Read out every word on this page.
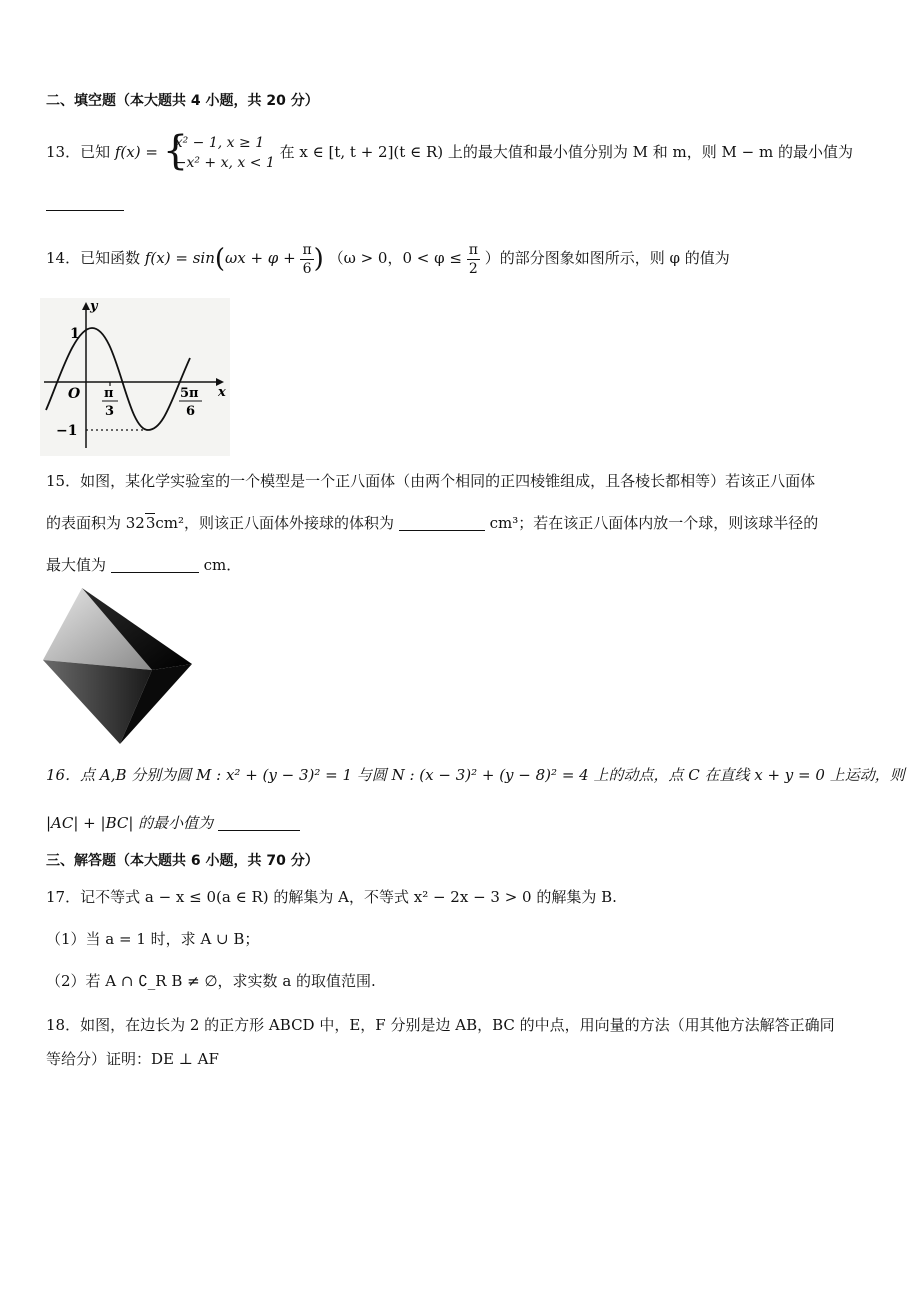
二、填空题（本大题共 4 小题，共 20 分）
13．已知 f(x) = {
x² − 1, x ≥ 1
−x² + x, x < 1
在 x ∈ [t, t + 2](t ∈ R) 上的最大值和最小值分别为 M 和 m，则 M − m 的最小值为
14．已知函数 $f(x) = \sin(\omega x + \varphi + \frac{\pi}{6}$ ) （ω > 0，$0 < \varphi \le \frac{\pi}{2}$ ）的部分图象如图所示，则 φ 的值为
y
x
O
1
−1
π
3
5π
6
15．如图，某化学实验室的一个模型是一个正八面体（由两个相同的正四棱锥组成，且各棱长都相等）若该正八面体
的表面积为 323cm²，则该正八面体外接球的体积为	cm³；若在该正八面体内放一个球，则该球半径的
最大值为	cm．
16．点 A,B 分别为圆 M : x² + (y − 3)² = 1 与圆 N : (x − 3)² + (y − 8)² = 4 上的动点，点 C 在直线 x + y = 0 上运动，则
|AC| + |BC| 的最小值为
三、解答题（本大题共 6 小题，共 70 分）
17．记不等式 a − x ≤ 0(a ∈ R) 的解集为 A，不等式 x² − 2x − 3 > 0 的解集为 B.
（1）当 a = 1 时，求 A ∪ B；
（2）若 A ∩ ∁_R B ≠ ∅，求实数 a 的取值范围.
18．如图，在边长为 2 的正方形 ABCD 中，E，F 分别是边 AB，BC 的中点，用向量的方法（用其他方法解答正确同
等给分）证明：DE ⊥ AF
